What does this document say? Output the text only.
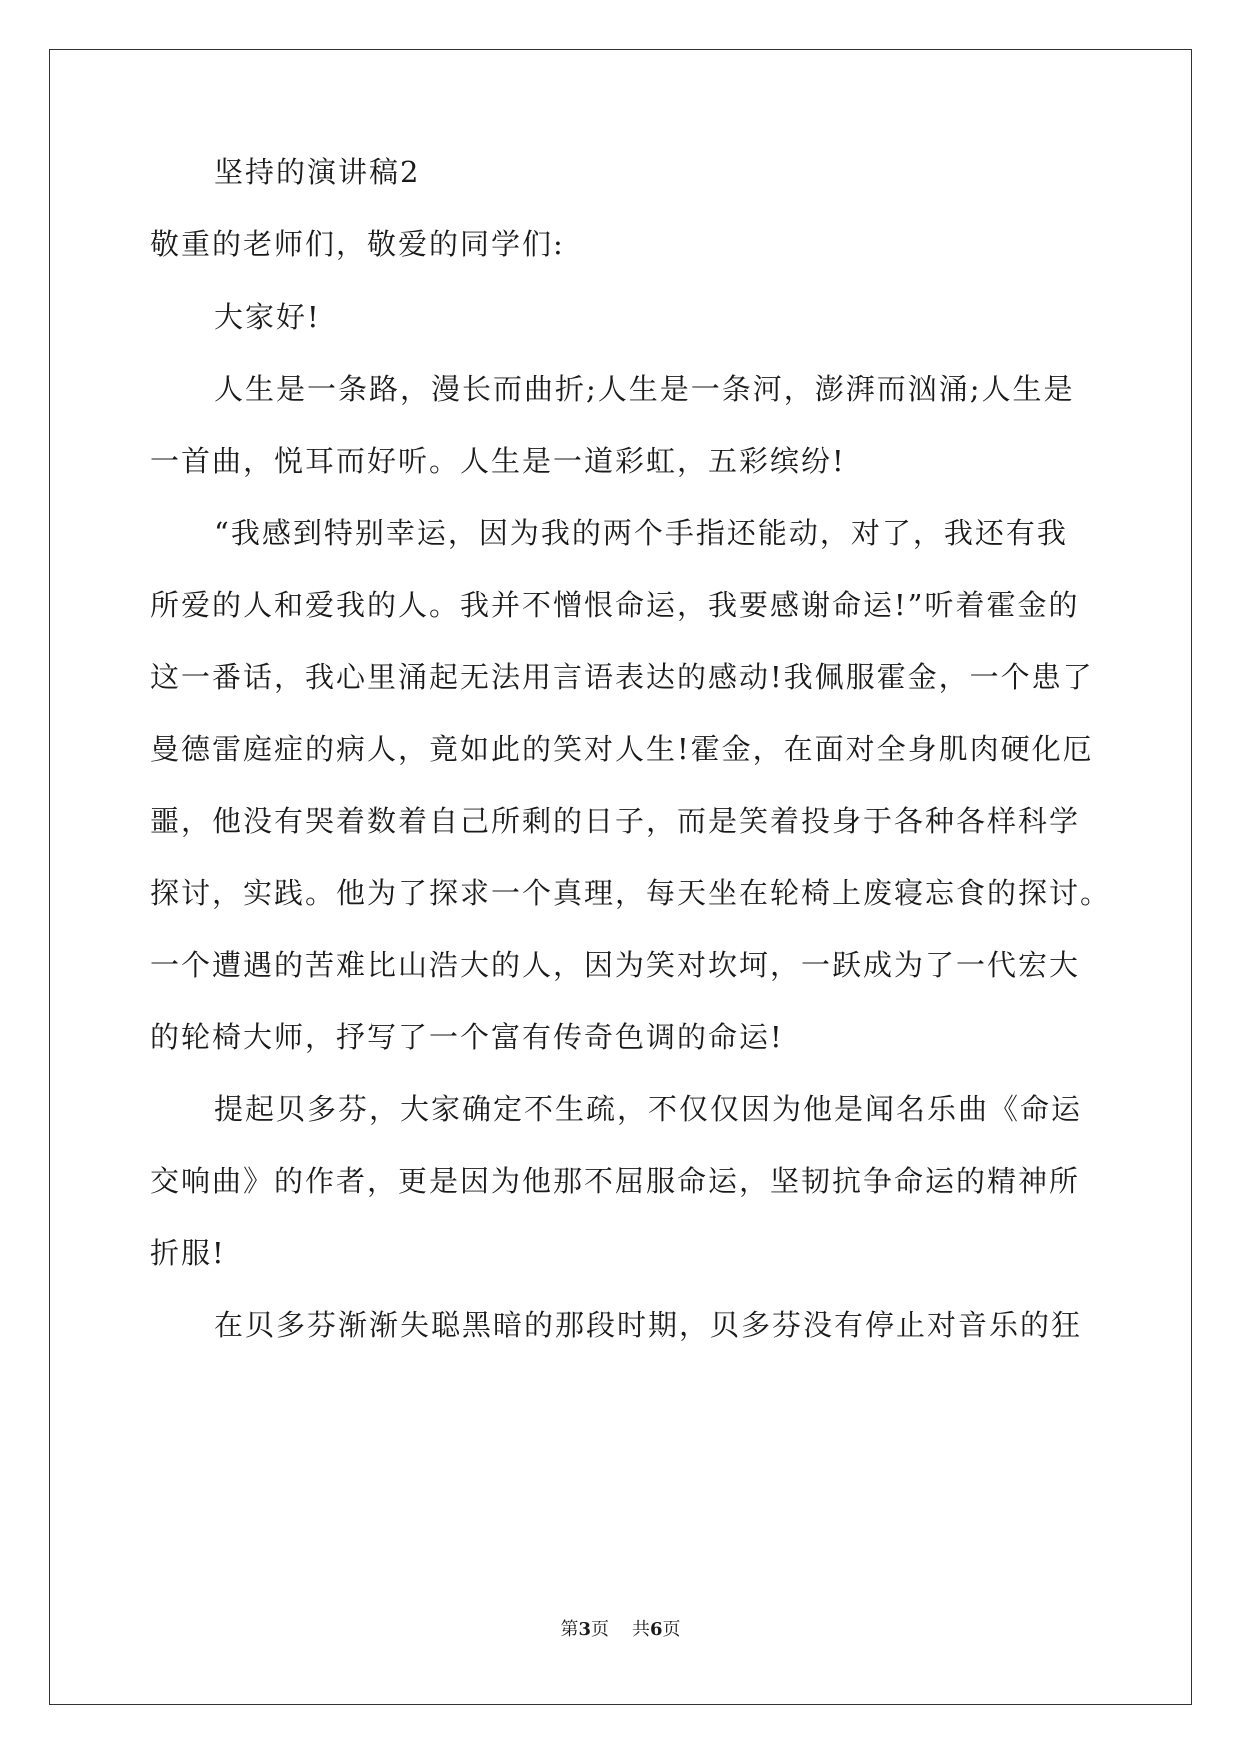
坚持的演讲稿2
敬重的老师们，敬爱的同学们:
大家好!
人生是一条路，漫长而曲折;人生是一条河，澎湃而汹涌;人生是
一首曲，悦耳而好听。人生是一道彩虹，五彩缤纷!
“我感到特别幸运，因为我的两个手指还能动，对了，我还有我
所爱的人和爱我的人。我并不憎恨命运，我要感谢命运!”听着霍金的
这一番话，我心里涌起无法用言语表达的感动!我佩服霍金，一个患了
曼德雷庭症的病人，竟如此的笑对人生!霍金，在面对全身肌肉硬化厄
噩，他没有哭着数着自己所剩的日子，而是笑着投身于各种各样科学
探讨，实践。他为了探求一个真理，每天坐在轮椅上废寝忘食的探讨。
一个遭遇的苦难比山浩大的人，因为笑对坎坷，一跃成为了一代宏大
的轮椅大师，抒写了一个富有传奇色调的命运!
提起贝多芬，大家确定不生疏，不仅仅因为他是闻名乐曲《命运
交响曲》的作者，更是因为他那不屈服命运，坚韧抗争命运的精神所
折服!
在贝多芬渐渐失聪黑暗的那段时期，贝多芬没有停止对音乐的狂
第3页 共6页
